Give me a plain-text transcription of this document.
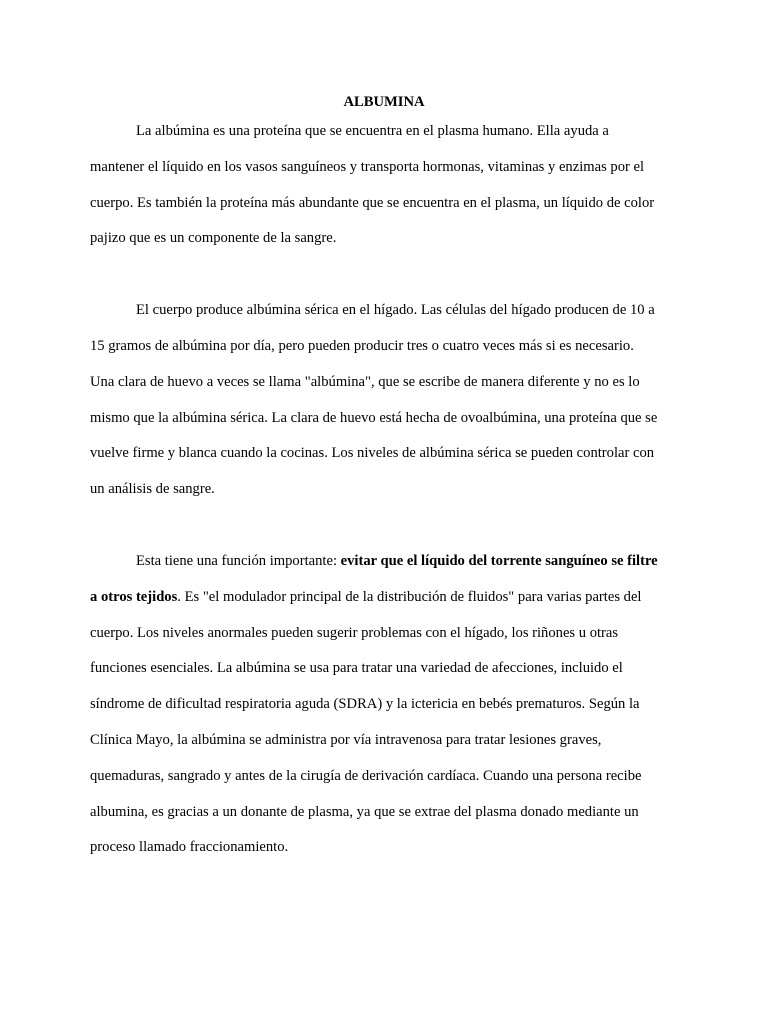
ALBUMINA

La albúmina es una proteína que se encuentra en el plasma humano. Ella ayuda a
mantener el líquido en los vasos sanguíneos y transporta hormonas, vitaminas y enzimas por el
cuerpo. Es también la proteína más abundante que se encuentra en el plasma, un líquido de color
pajizo que es un componente de la sangre.
El cuerpo produce albúmina sérica en el hígado. Las células del hígado producen de 10 a
15 gramos de albúmina por día, pero pueden producir tres o cuatro veces más si es necesario.
Una clara de huevo a veces se llama "albúmina", que se escribe de manera diferente y no es lo
mismo que la albúmina sérica. La clara de huevo está hecha de ovoalbúmina, una proteína que se
vuelve firme y blanca cuando la cocinas. Los niveles de albúmina sérica se pueden controlar con
un análisis de sangre.
Esta tiene una función importante: evitar que el líquido del torrente sanguíneo se filtre
a otros tejidos. Es "el modulador principal de la distribución de fluidos" para varias partes del
cuerpo. Los niveles anormales pueden sugerir problemas con el hígado, los riñones u otras
funciones esenciales. La albúmina se usa para tratar una variedad de afecciones, incluido el
síndrome de dificultad respiratoria aguda (SDRA) y la ictericia en bebés prematuros. Según la
Clínica Mayo, la albúmina se administra por vía intravenosa para tratar lesiones graves,
quemaduras, sangrado y antes de la cirugía de derivación cardíaca. Cuando una persona recibe
albumina, es gracias a un donante de plasma, ya que se extrae del plasma donado mediante un
proceso llamado fraccionamiento.
